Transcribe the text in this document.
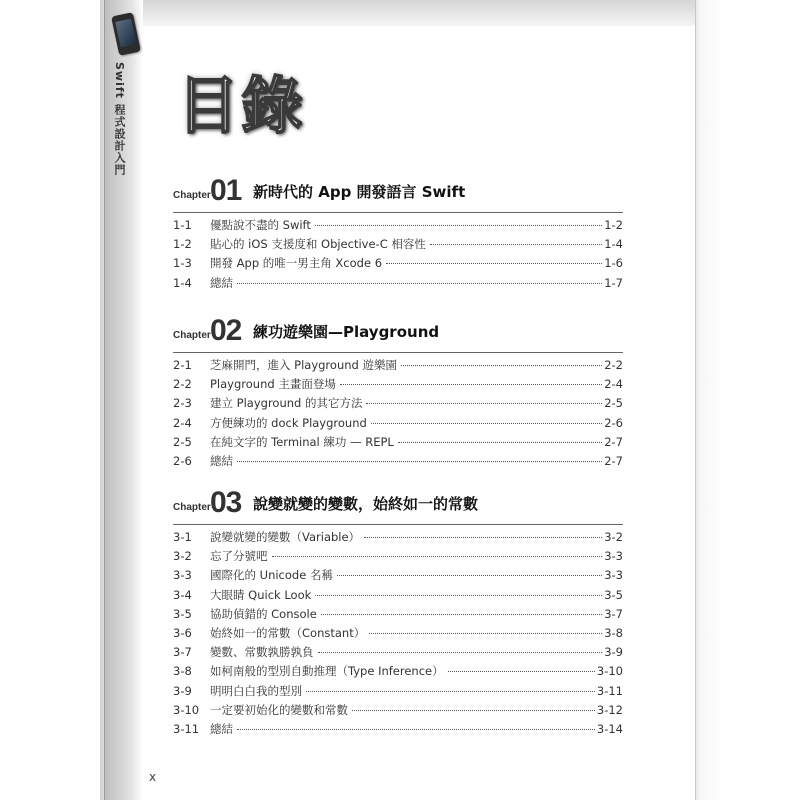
Swift 程式設計入門 目錄
Chapter 01 新時代的 App 開發語言 Swift
1-1	優點說不盡的 Swift	1-2
1-2	貼心的 iOS 支援度和 Objective-C 相容性	1-4
1-3	開發 App 的唯一男主角 Xcode 6	1-6
1-4	總結	1-7
Chapter 02 練功遊樂園—Playground
2-1	芝麻開門，進入 Playground 遊樂園	2-2
2-2	Playground 主畫面登場	2-4
2-3	建立 Playground 的其它方法	2-5
2-4	方便練功的 dock Playground	2-6
2-5	在純文字的 Terminal 練功 — REPL	2-7
2-6	總結	2-7
Chapter 03 說變就變的變數，始終如一的常數
3-1	說變就變的變數（Variable）	3-2
3-2	忘了分號吧	3-3
3-3	國際化的 Unicode 名稱	3-3
3-4	大眼睛 Quick Look	3-5
3-5	協助偵錯的 Console	3-7
3-6	始終如一的常數（Constant）	3-8
3-7	變數、常數孰勝孰負	3-9
3-8	如柯南般的型別自動推理（Type Inference）	3-10
3-9	明明白白我的型別	3-11
3-10 一定要初始化的變數和常數	3-12
3-11 總結	3-14
x
